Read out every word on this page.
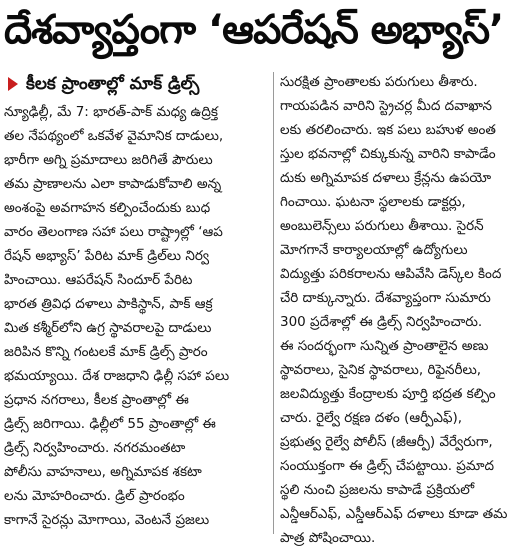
దేశవ్యాప్తంగా ‘ఆపరేషన్ అభ్యాస్’
కీలక ప్రాంతాల్లో మాక్ డ్రిల్స్
న్యూఢిల్లీ, మే 7: భారత్‌-పాక్ మధ్య ఉద్రిక్త
తల నేపథ్యంలో ఒకవేళ వైమానిక దాడులు,
భారీగా అగ్ని ప్రమాదాలు జరిగితే పౌరులు
తమ ప్రాణాలను ఎలా కాపాడుకోవాలి అన్న
అంశంపై అవగాహన కల్పించేందుకు బుధ
వారం తెలంగాణ సహా పలు రాష్ట్రాల్లో ‘ఆప
రేషన్ అభ్యాస్’ పేరిట మాక్ డ్రిల్‌లు నిర్వ
హించాయి. ఆపరేషన్ సిందూర్ పేరిట
భారత త్రివిధ దళాలు పాకిస్థాన్, పాక్ ఆక్ర
మిత కశ్మీర్‌లోని ఉగ్ర స్థావరాలపై దాడులు
జరిపిన కొన్ని గంటలకే మాక్ డ్రిల్స్ ప్రారం
భమయ్యాయి. దేశ రాజధాని ఢిల్లీ సహా పలు
ప్రధాన నగరాలు, కీలక ప్రాంతాల్లో ఈ
డ్రిల్స్ జరిగాయి. ఢిల్లీలో 55 ప్రాంతాల్లో ఈ
డ్రిల్స్ నిర్వహించారు. నగరమంతటా
పోలీసు వాహనాలు, అగ్నిమాపక శకటా
లను మోహరించారు. డ్రిల్ ప్రారంభం
కాగానే సైరన్లు మోగాయి, వెంటనే ప్రజలు
సురక్షిత ప్రాంతాలకు పరుగులు తీశారు.
గాయపడిన వారిని స్ట్రెచర్ల మీద దవాఖాన
లకు తరలించారు. ఇక పలు బహుళ అంత
స్తుల భవనాల్లో చిక్కుకున్న వారిని కాపాడేం
దుకు అగ్నిమాపక దళాలు క్రేన్లను ఉపయో
గించాయి. ఘటనా స్థలాలకు డాక్టర్లు,
అంబులెన్స్‌లు పరుగులు తీశాయి. సైరన్
మోగగానే కార్యాలయాల్లో ఉద్యోగులు
విద్యుత్తు పరికరాలను ఆపివేసి డెస్క్‌ల కింద
చేరి దాక్కున్నారు. దేశవ్యాప్తంగా సుమారు
300 ప్రదేశాల్లో ఈ డ్రిల్స్ నిర్వహించారు.
ఈ సందర్భంగా సున్నిత ప్రాంతాలైన అణు
స్థావరాలు, సైనిక స్థావరాలు, రిఫైనరీలు,
జలవిద్యుత్తు కేంద్రాలకు పూర్తి భద్రత కల్పిం
చారు. రైల్వే రక్షణ దళం (ఆర్పీఎఫ్),
ప్రభుత్వ రైల్వే పోలీస్ (జీఆర్పీ) వేర్వేరుగా,
సంయుక్తంగా ఈ డ్రిల్స్ చేపట్టాయి. ప్రమాద
స్థలి నుంచి ప్రజలను కాపాడే ప్రక్రియలో
ఎన్డీఆర్ఎఫ్, ఎస్డీఆర్ఎఫ్ దళాలు కూడా తమ
పాత్ర పోషించాయి.
